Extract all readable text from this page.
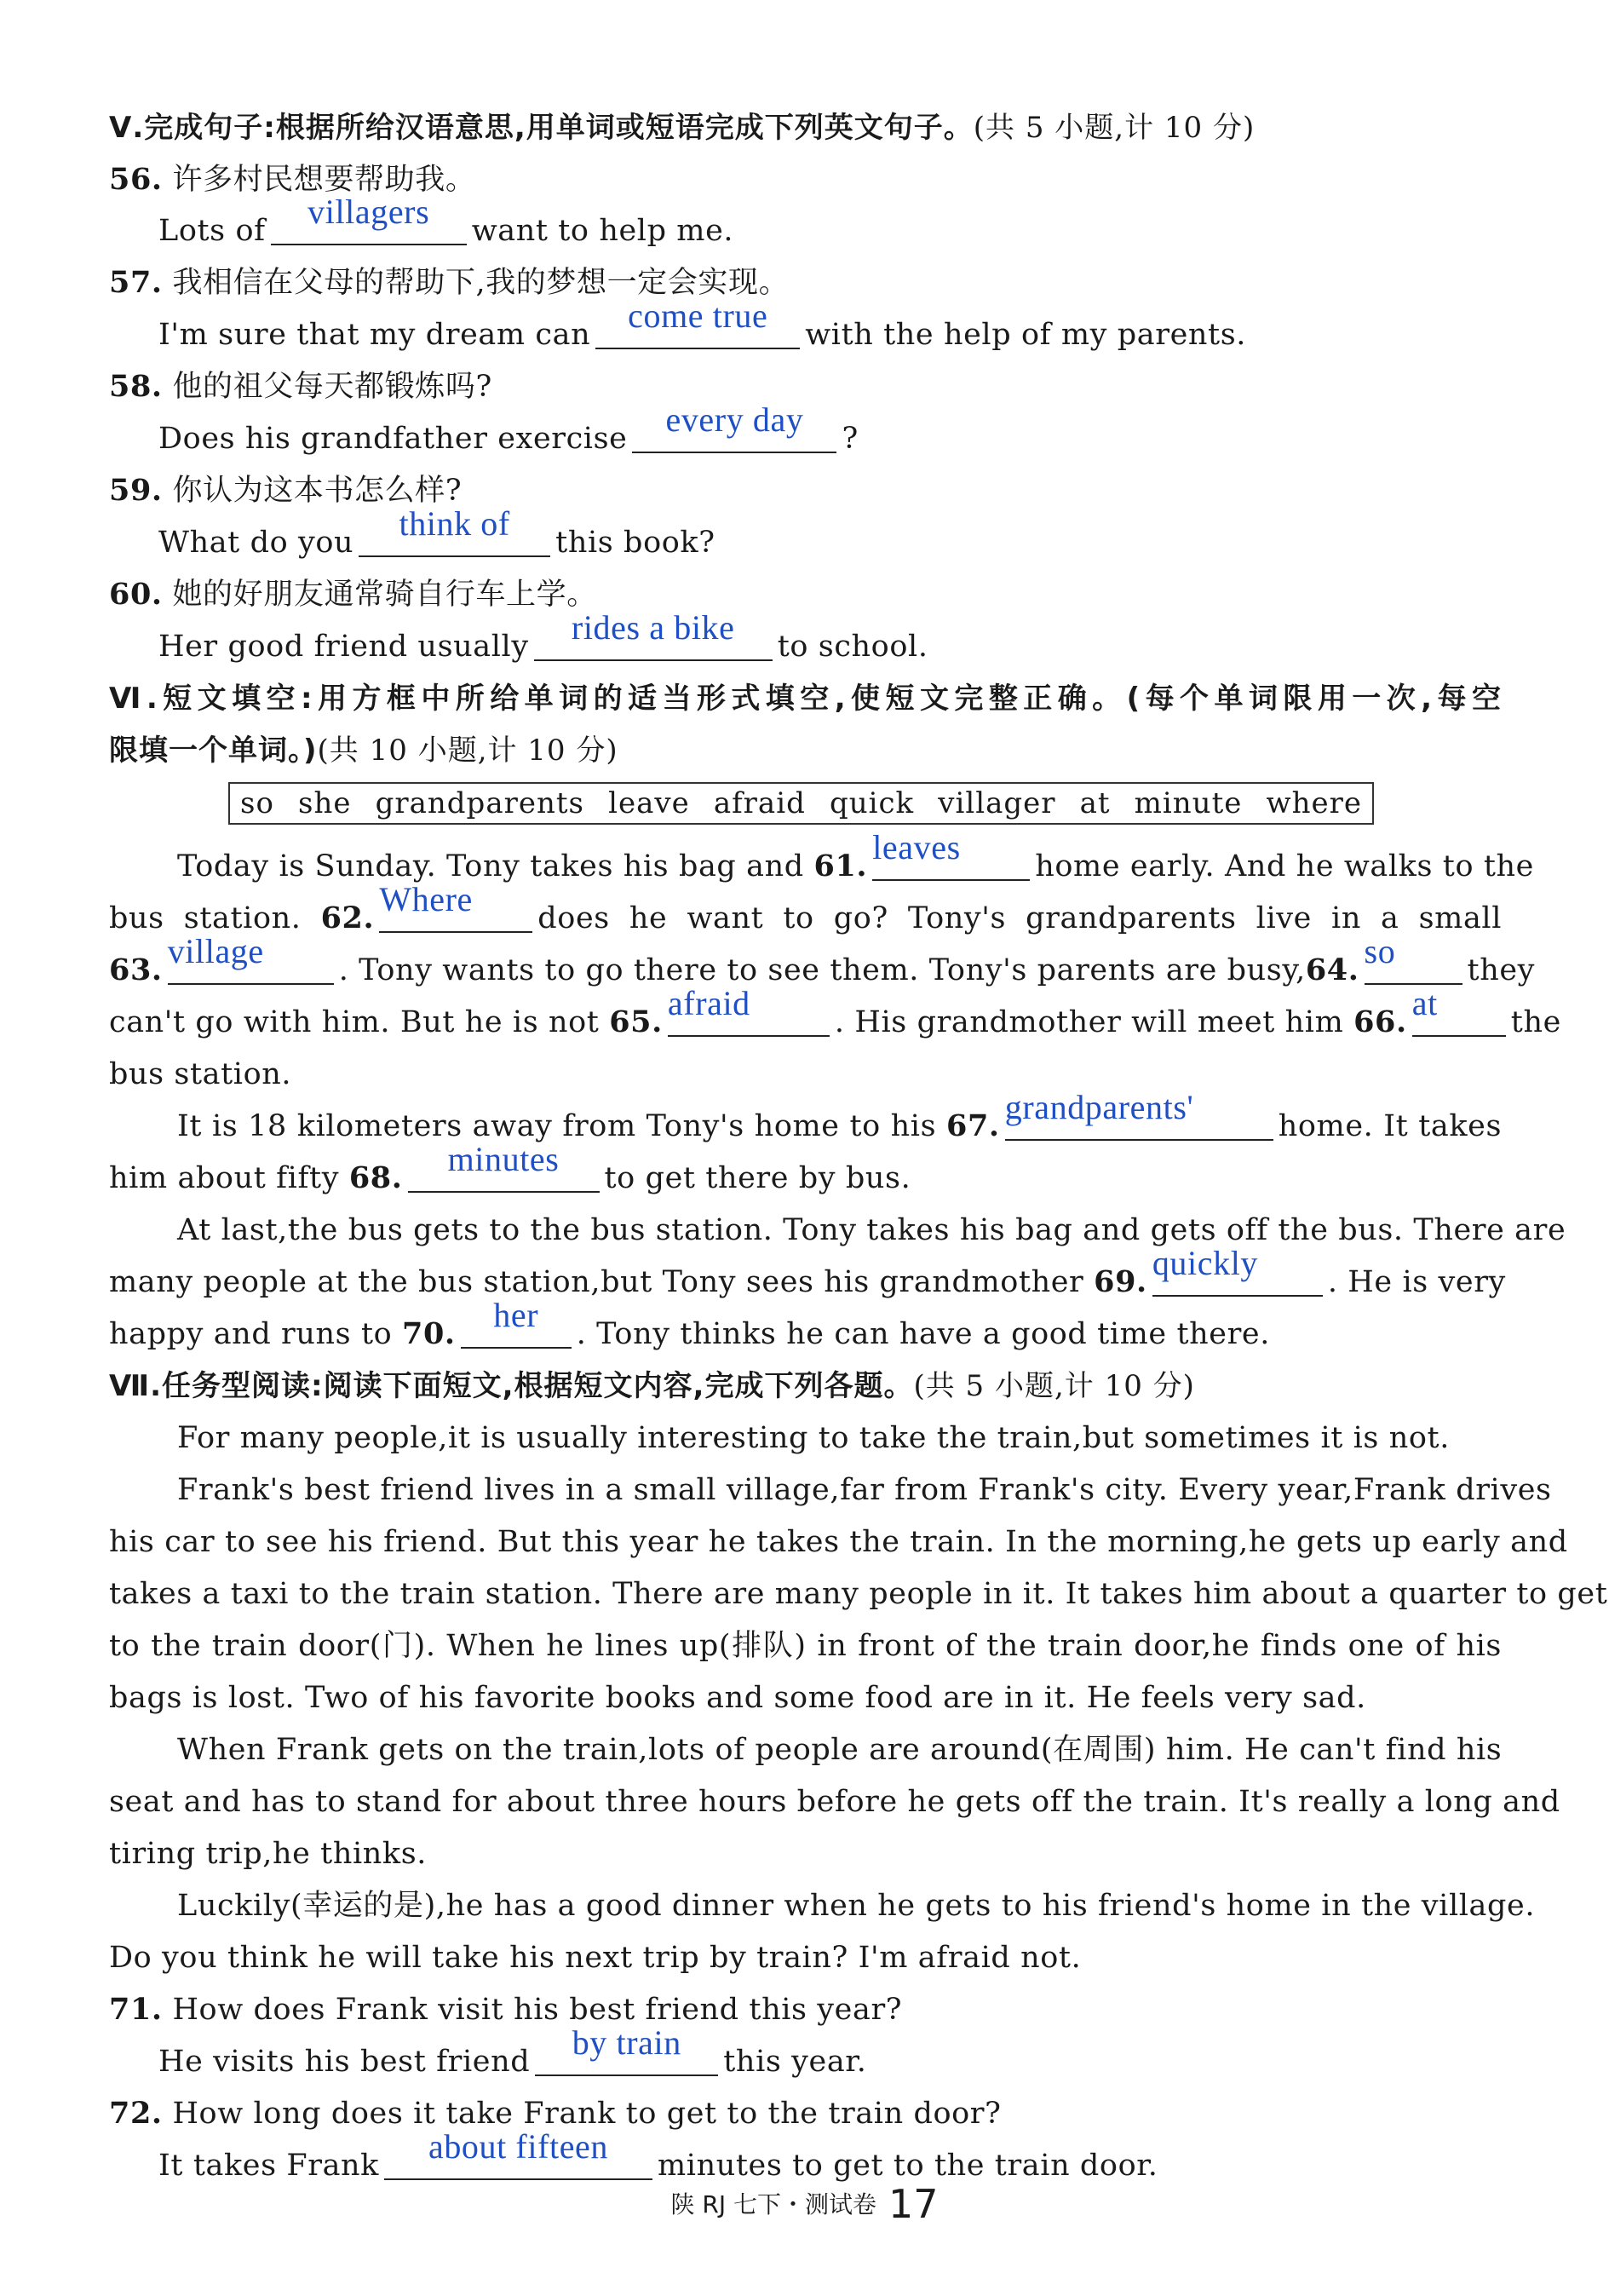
Ⅴ.完成句子:根据所给汉语意思,用单词或短语完成下列英文句子。(共 5 小题,计 10 分)
56. 许多村民想要帮助我。
Lots of	villagers	want to help me.
57. 我相信在父母的帮助下,我的梦想一定会实现。
I'm sure that my dream can	come true	with the help of my parents.
58. 他的祖父每天都锻炼吗?
Does his grandfather exercise	every day	?
59. 你认为这本书怎么样?
What do you	think of	this book?
60. 她的好朋友通常骑自行车上学。
Her good friend usually	rides a bike	to school.
Ⅵ.短文填空:用方框中所给单词的适当形式填空,使短文完整正确。(每个单词限用一次,每空
限填一个单词。)(共 10 小题,计 10 分)
so she grandparents leave afraid quick villager at minute where
Today is Sunday. Tony takes his bag and 61. leaves	home early. And he walks to the
bus station. 62. Where	does he want to go? Tony's grandparents live in a small
63. village	. Tony wants to go there to see them. Tony's parents are busy,64. so	they
can't go with him. But he is not 65. afraid	. His grandmother will meet him 66. at	the
bus station.
It is 18 kilometers away from Tony's home to his 67. grandparents'	home. It takes
him about fifty 68.	minutes	to get there by bus.
At last,the bus gets to the bus station. Tony takes his bag and gets off the bus. There are
many people at the bus station,but Tony sees his grandmother 69. quickly	. He is very
happy and runs to 70.	her	. Tony thinks he can have a good time there.
Ⅶ.任务型阅读:阅读下面短文,根据短文内容,完成下列各题。(共 5 小题,计 10 分)
For many people,it is usually interesting to take the train,but sometimes it is not.
Frank's best friend lives in a small village,far from Frank's city. Every year,Frank drives
his car to see his friend. But this year he takes the train. In the morning,he gets up early and
takes a taxi to the train station. There are many people in it. It takes him about a quarter to get
to the train door(门). When he lines up(排队) in front of the train door,he finds one of his
bags is lost. Two of his favorite books and some food are in it. He feels very sad.
When Frank gets on the train,lots of people are around(在周围) him. He can't find his
seat and has to stand for about three hours before he gets off the train. It's really a long and
tiring trip,he thinks.
Luckily(幸运的是),he has a good dinner when he gets to his friend's home in the village.
Do you think he will take his next trip by train? I'm afraid not.
71. How does Frank visit his best friend this year?
He visits his best friend	by train	this year.
72. How long does it take Frank to get to the train door?
It takes Frank	about fifteen	minutes to get to the train door.
陕 RJ 七下・测试卷 17
